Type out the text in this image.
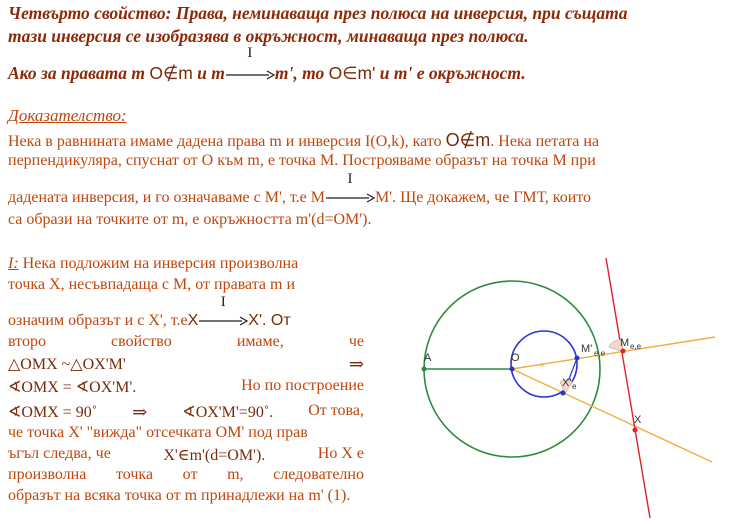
Четвърто свойство: Права, неминаваща през полюса на инверсия, при същата
тази инверсия се изобразява в окръжност, минаваща през полюса.
Ако за правата m O∉m и m
I
m', то O∈m' и m' е окръжност.
Доказателство:
Нека в равнината имаме дадена права m и инверсия I(O,k), като O∉m. Нека петата на
перпендикуляра, спуснат от O към m, е точка M. Построяваме образът на точка M при
дадената инверсия, и го означаваме с M', т.е M
I
M'. Ще докажем, че ГМТ, които
са образи на точките от m, е окръжността m'(d=OM').
I: Нека подложим на инверсия произволна
точка X, несъвпадаща с M, от правата m и
означим образът и с X', т.еX
I
X'. От
второ	свойство	имаме,	че
△OMX ~△OX'M'	⇒
∢OMX = ∢OX'M'.	Но по построение
∢OMX = 90˚ ⇒ ∢OX'M'=90˚. От това,
че точка X' "вижда" отсечката OM' под прав
ъгъл следва, че	X'∈m'(d=OM').	Но X е
произволна точка от m, следователно
образът на всяка точка от m принадлежи на m' (1).
×
A	O
M' e,e
M e,e
X' e
X
